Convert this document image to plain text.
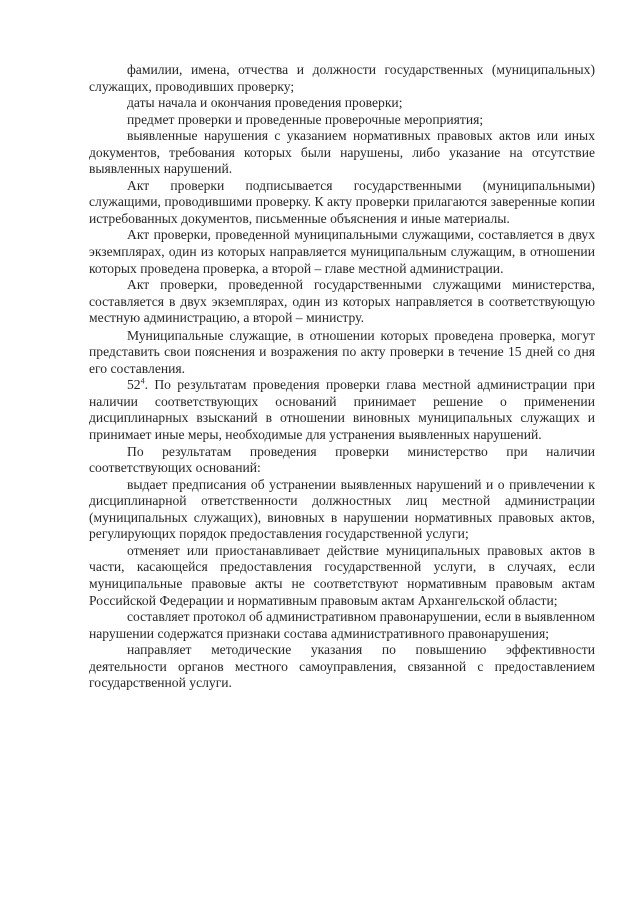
фамилии, имена, отчества и должности государственных (муниципальных) служащих, проводивших проверку;

даты начала и окончания проведения проверки;

предмет проверки и проведенные проверочные мероприятия;

выявленные нарушения с указанием нормативных правовых актов или иных документов, требования которых были нарушены, либо указание на отсутствие выявленных нарушений.

Акт проверки подписывается государственными (муниципальными) служащими, проводившими проверку. К акту проверки прилагаются заверенные копии истребованных документов, письменные объяснения и иные материалы.

Акт проверки, проведенной муниципальными служащими, составляется в двух экземплярах, один из которых направляется муниципальным служащим, в отношении которых проведена проверка, а второй – главе местной администрации.

Акт проверки, проведенной государственными служащими министерства, составляется в двух экземплярах, один из которых направляется в соответствующую местную администрацию, а второй – министру.

Муниципальные служащие, в отношении которых проведена проверка, могут представить свои пояснения и возражения по акту проверки в течение 15 дней со дня его составления.

$52^4$. По результатам проведения проверки глава местной администрации при наличии соответствующих оснований принимает решение о применении дисциплинарных взысканий в отношении виновных муниципальных служащих и принимает иные меры, необходимые для устранения выявленных нарушений.

По результатам проведения проверки министерство при наличии соответствующих оснований:

выдает предписания об устранении выявленных нарушений и о привлечении к дисциплинарной ответственности должностных лиц местной администрации (муниципальных служащих), виновных в нарушении нормативных правовых актов, регулирующих порядок предоставления государственной услуги;

отменяет или приостанавливает действие муниципальных правовых актов в части, касающейся предоставления государственной услуги, в случаях, если муниципальные правовые акты не соответствуют нормативным правовым актам Российской Федерации и нормативным правовым актам Архангельской области;

составляет протокол об административном правонарушении, если в выявленном нарушении содержатся признаки состава административного правонарушения;

направляет методические указания по повышению эффективности деятельности органов местного самоуправления, связанной с предоставлением государственной услуги.
